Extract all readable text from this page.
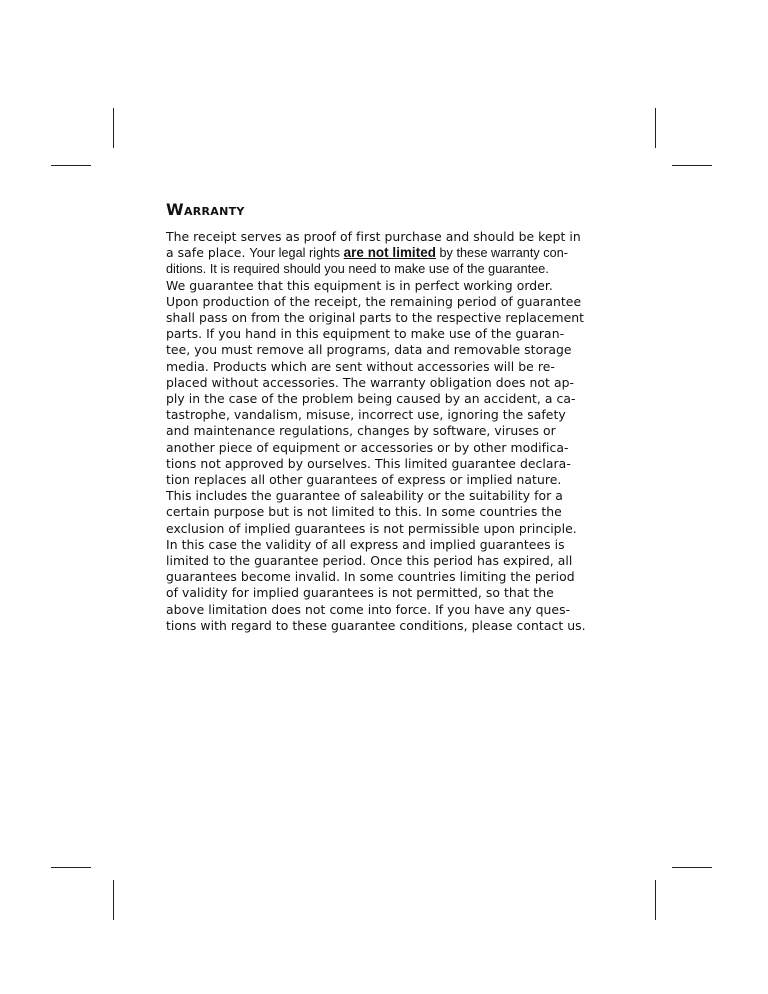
Warranty

The receipt serves as proof of first purchase and should be kept in
a safe place. Your legal rights are not limited by these warranty con-
ditions. It is required should you need to make use of the guarantee.
We guarantee that this equipment is in perfect working order.
Upon production of the receipt, the remaining period of guarantee
shall pass on from the original parts to the respective replacement
parts. If you hand in this equipment to make use of the guaran-
tee, you must remove all programs, data and removable storage
media. Products which are sent without accessories will be re-
placed without accessories. The warranty obligation does not ap-
ply in the case of the problem being caused by an accident, a ca-
tastrophe, vandalism, misuse, incorrect use, ignoring the safety
and maintenance regulations, changes by software, viruses or
another piece of equipment or accessories or by other modifica-
tions not approved by ourselves. This limited guarantee declara-
tion replaces all other guarantees of express or implied nature.
This includes the guarantee of saleability or the suitability for a
certain purpose but is not limited to this. In some countries the
exclusion of implied guarantees is not permissible upon principle.
In this case the validity of all express and implied guarantees is
limited to the guarantee period. Once this period has expired, all
guarantees become invalid. In some countries limiting the period
of validity for implied guarantees is not permitted, so that the
above limitation does not come into force. If you have any ques-
tions with regard to these guarantee conditions, please contact us.
